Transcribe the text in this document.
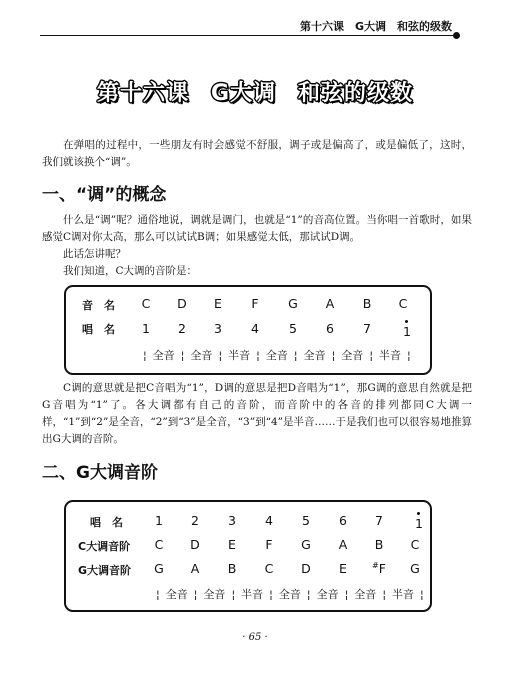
第十六课　G大调　和弦的级数
第十六课 G大调 和弦的级数
在弹唱的过程中，一些朋友有时会感觉不舒服，调子或是偏高了，或是偏低了，这时，我们就该换个“调”。
一、“调”的概念
什么是“调”呢？通俗地说，调就是调门，也就是“1”的音高位置。当你唱一首歌时，如果感觉C调对你太高，那么可以试试B调；如果感觉太低，那试试D调。
此话怎讲呢？
我们知道，C大调的音阶是：
音　名 C D E F G A B C
唱　名 1 2 3 4 5 6 7	$_1$
¦ 全音 ¦ 全音 ¦ 半音 ¦ 全音 ¦ 全音 ¦ 全音 ¦ 半音 ¦
C调的意思就是把C音唱为“1”，D调的意思是把D音唱为“1”，那G调的意思自然就是把G音唱为“1”了。各大调都有自己的音阶，而音阶中的各音的排列都同C大调一样，“1”到“2”是全音，“2”到“3”是全音，“3”到“4”是半音……于是我们也可以很容易地推算出G大调的音阶。
二、G大调音阶
唱　名	1 2 3 4 5 6 7	$_1$
C大调音阶 C D E F G A B C
G大调音阶 G A B C D E	#F G
¦ 全音 ¦ 全音 ¦ 半音 ¦ 全音 ¦ 全音 ¦ 全音 ¦ 半音 ¦
· 65 ·
